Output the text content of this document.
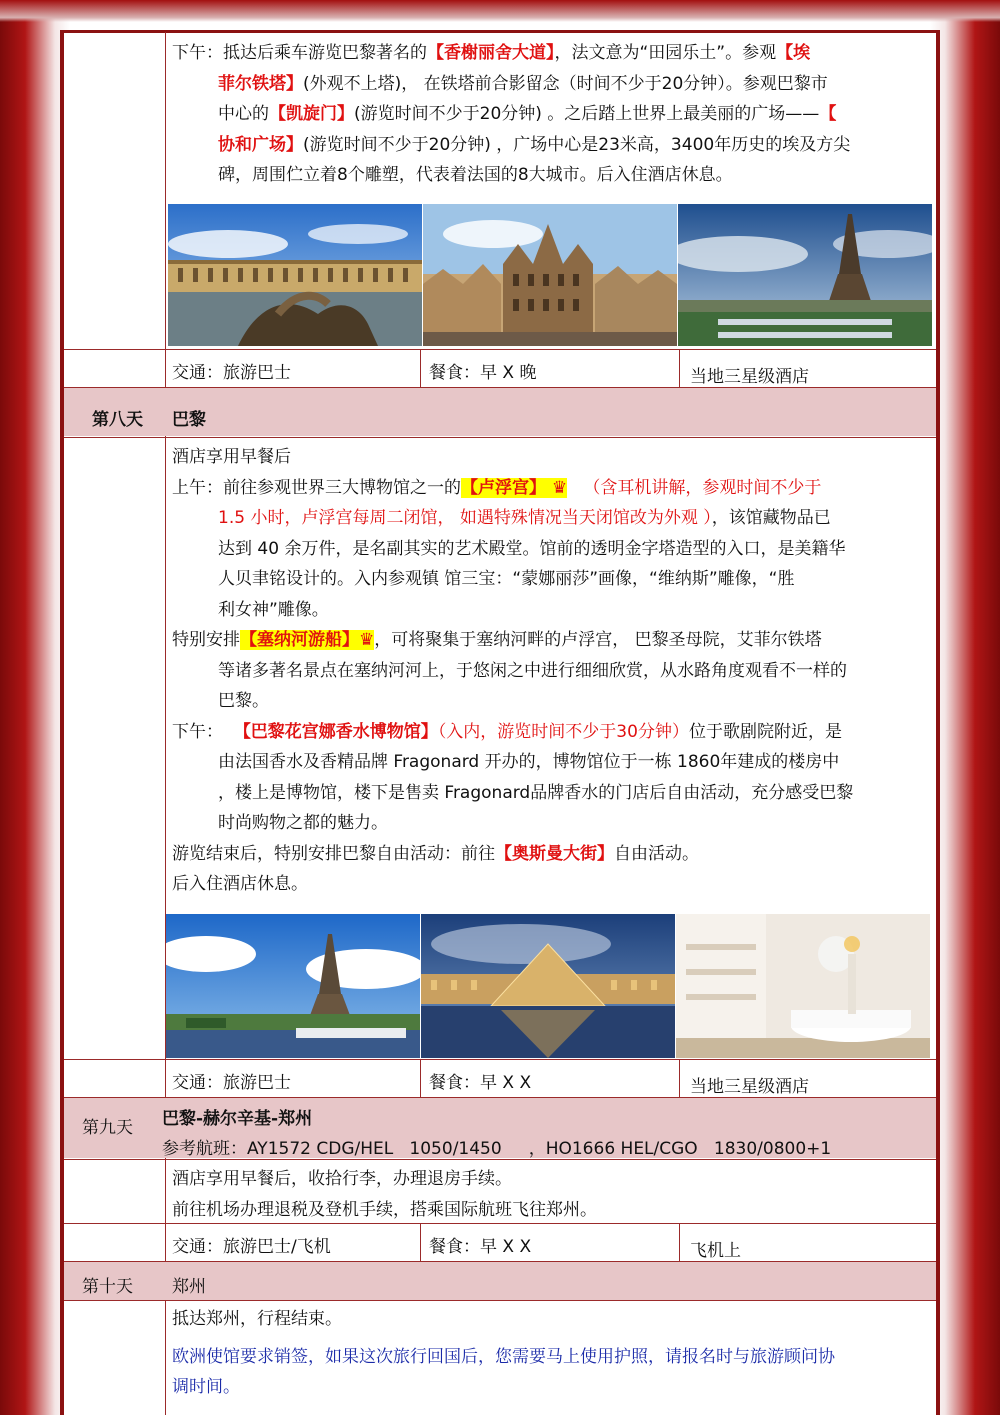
下午：抵达后乘车游览巴黎著名的【香榭丽舍大道】，法文意为“田园乐土”。参观【埃
菲尔铁塔】(外观不上塔)， 在铁塔前合影留念（时间不少于20分钟）。参观巴黎市
中心的【凯旋门】(游览时间不少于20分钟) 。之后踏上世界上最美丽的广场——【
协和广场】(游览时间不少于20分钟) ，广场中心是23米高，3400年历史的埃及方尖
碑，周围伫立着8个雕塑，代表着法国的8大城市。后入住酒店休息。

交通：旅游巴士	餐食：早 X 晚	当地三星级酒店
第八天 巴黎

酒店享用早餐后
上午：前往参观世界三大博物馆之一的【卢浮宫】 ♛ （含耳机讲解，参观时间不少于
1.5 小时，卢浮宫每周二闭馆， 如遇特殊情况当天闭馆改为外观 ），该馆藏物品已
达到 40 余万件，是名副其实的艺术殿堂。馆前的透明金字塔造型的入口，是美籍华
人贝聿铭设计的。入内参观镇 馆三宝：“蒙娜丽莎”画像，“维纳斯”雕像，“胜
利女神”雕像。
特别安排【塞纳河游船】♛，可将聚集于塞纳河畔的卢浮宫， 巴黎圣母院，艾菲尔铁塔
等诸多著名景点在塞纳河河上，于悠闲之中进行细细欣赏，从水路角度观看不一样的
巴黎。
下午： 【巴黎花宫娜香水博物馆】（入内，游览时间不少于30分钟）位于歌剧院附近，是
由法国香水及香精品牌 Fragonard 开办的，博物馆位于一栋 1860年建成的楼房中
，楼上是博物馆，楼下是售卖 Fragonard品牌香水的门店后自由活动，充分感受巴黎
时尚购物之都的魅力。
游览结束后，特别安排巴黎自由活动：前往【奥斯曼大街】自由活动。
后入住酒店休息。

交通：旅游巴士	餐食：早 X X	当地三星级酒店
第九天 巴黎-赫尔辛基-郑州
参考航班：AY1572 CDG/HEL   1050/1450     ，HO1666 HEL/CGO   1830/0800+1

酒店享用早餐后，收拾行李，办理退房手续。
前往机场办理退税及登机手续，搭乘国际航班飞往郑州。

交通：旅游巴士/飞机	餐食：早 X X	飞机上
第十天 郑州

抵达郑州，行程结束。
欧洲使馆要求销签，如果这次旅行回国后，您需要马上使用护照，请报名时与旅游顾问协
调时间。
